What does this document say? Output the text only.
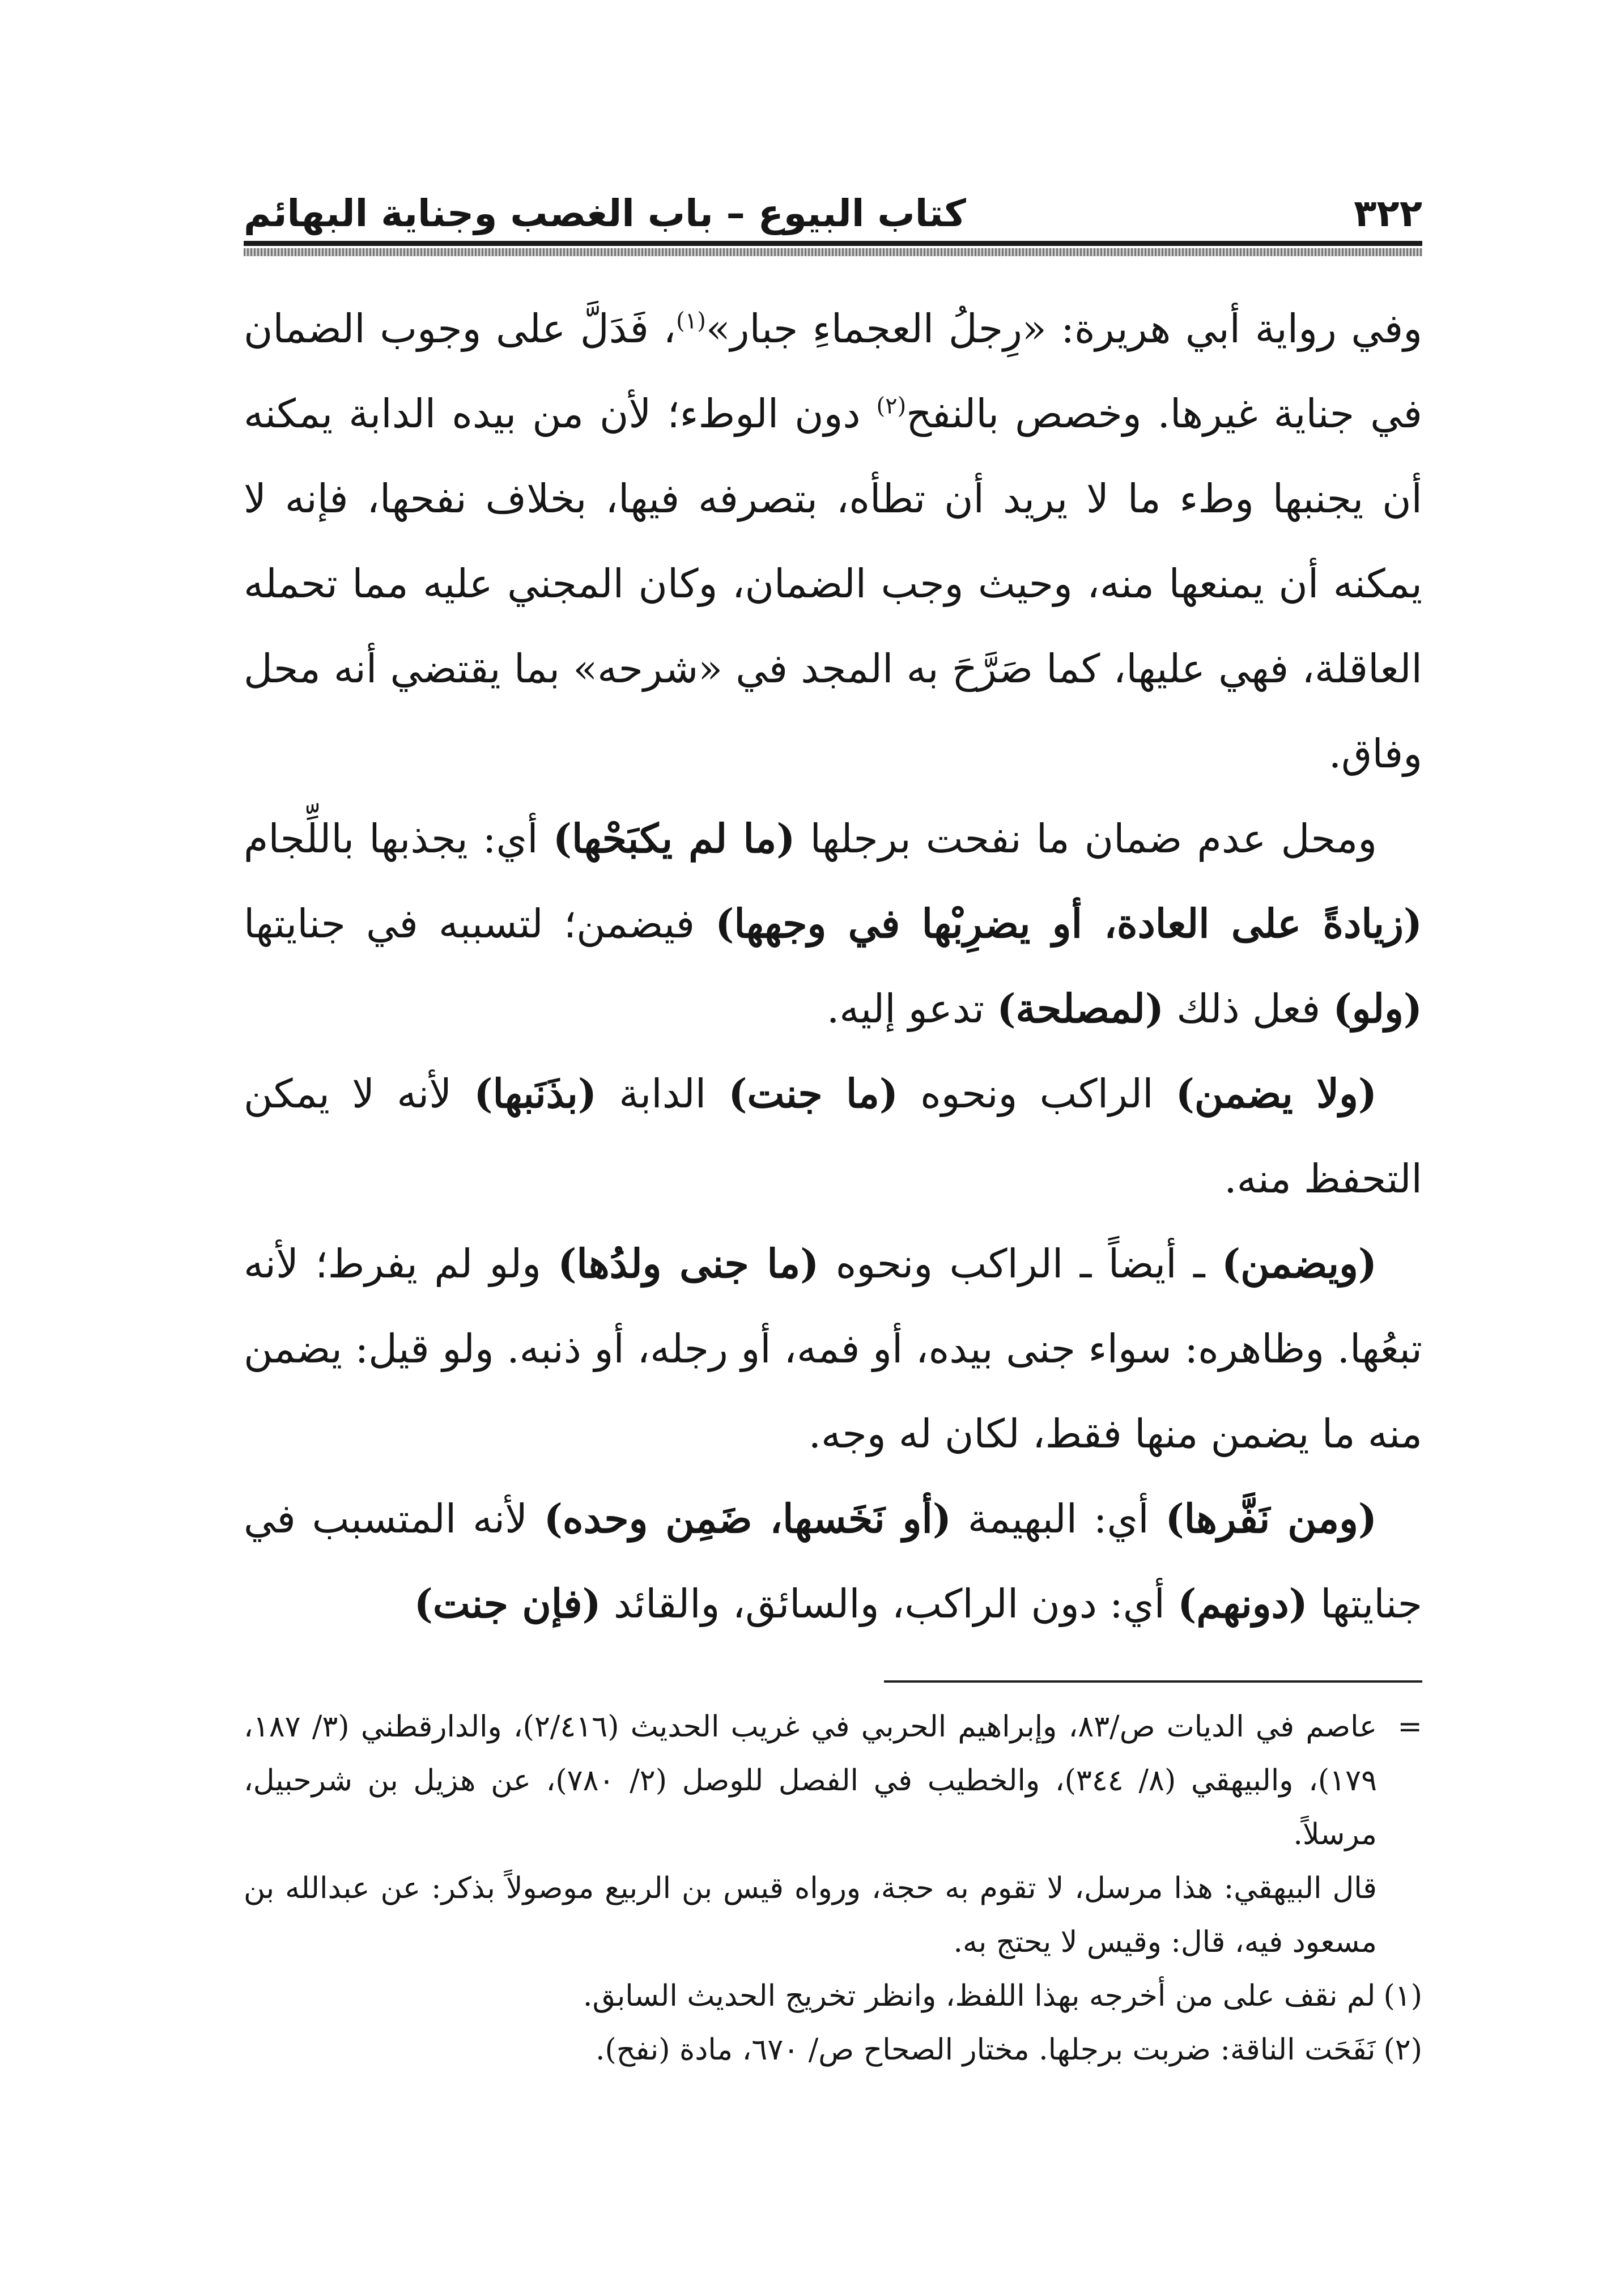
٣٢٢
كتاب البيوع – باب الغصب وجناية البهائم

وفي رواية أبي هريرة: «رِجلُ العجماءِ جبار»$^{(١)}$، فَدَلَّ على وجوب الضمان في جناية غيرها. وخصص بالنفح$^{(٢)}$ دون الوطء؛ لأن من بيده الدابة يمكنه أن يجنبها وطء ما لا يريد أن تطأه، بتصرفه فيها، بخلاف نفحها، فإنه لا يمكنه أن يمنعها منه، وحيث وجب الضمان، وكان المجني عليه مما تحمله العاقلة، فهي عليها، كما صَرَّحَ به المجد في «شرحه» بما يقتضي أنه محل وفاق.

ومحل عدم ضمان ما نفحت برجلها (ما لم يكبَحْها) أي: يجذبها باللِّجام (زيادةً على العادة، أو يضرِبْها في وجهها) فيضمن؛ لتسببه في جنايتها (ولو) فعل ذلك (لمصلحة) تدعو إليه.

(ولا يضمن) الراكب ونحوه (ما جنت) الدابة (بذَنَبها) لأنه لا يمكن التحفظ منه.

(ويضمن) ـ أيضاً ـ الراكب ونحوه (ما جنى ولدُها) ولو لم يفرط؛ لأنه تبعُها. وظاهره: سواء جنى بيده، أو فمه، أو رجله، أو ذنبه. ولو قيل: يضمن منه ما يضمن منها فقط، لكان له وجه.

(ومن نَفَّرها) أي: البهيمة (أو نَخَسها، ضَمِن وحده) لأنه المتسبب في جنايتها (دونهم) أي: دون الراكب، والسائق، والقائد (فإن جنت)

=
عاصم في الديات ص/٨٣، وإبراهيم الحربي في غريب الحديث (٢/٤١٦)، والدارقطني (٣/ ١٨٧، ١٧٩)، والبيهقي (٨/ ٣٤٤)، والخطيب في الفصل للوصل (٢/ ٧٨٠)، عن هزيل بن شرحبيل، مرسلاً.

قال البيهقي: هذا مرسل، لا تقوم به حجة، ورواه قيس بن الربيع موصولاً بذكر: عن عبدالله بن مسعود فيه، قال: وقيس لا يحتج به.

(١)لم نقف على من أخرجه بهذا اللفظ، وانظر تخريج الحديث السابق.

(٢)نَفَحَت الناقة: ضربت برجلها. مختار الصحاح ص/ ٦٧٠، مادة (نفح).
